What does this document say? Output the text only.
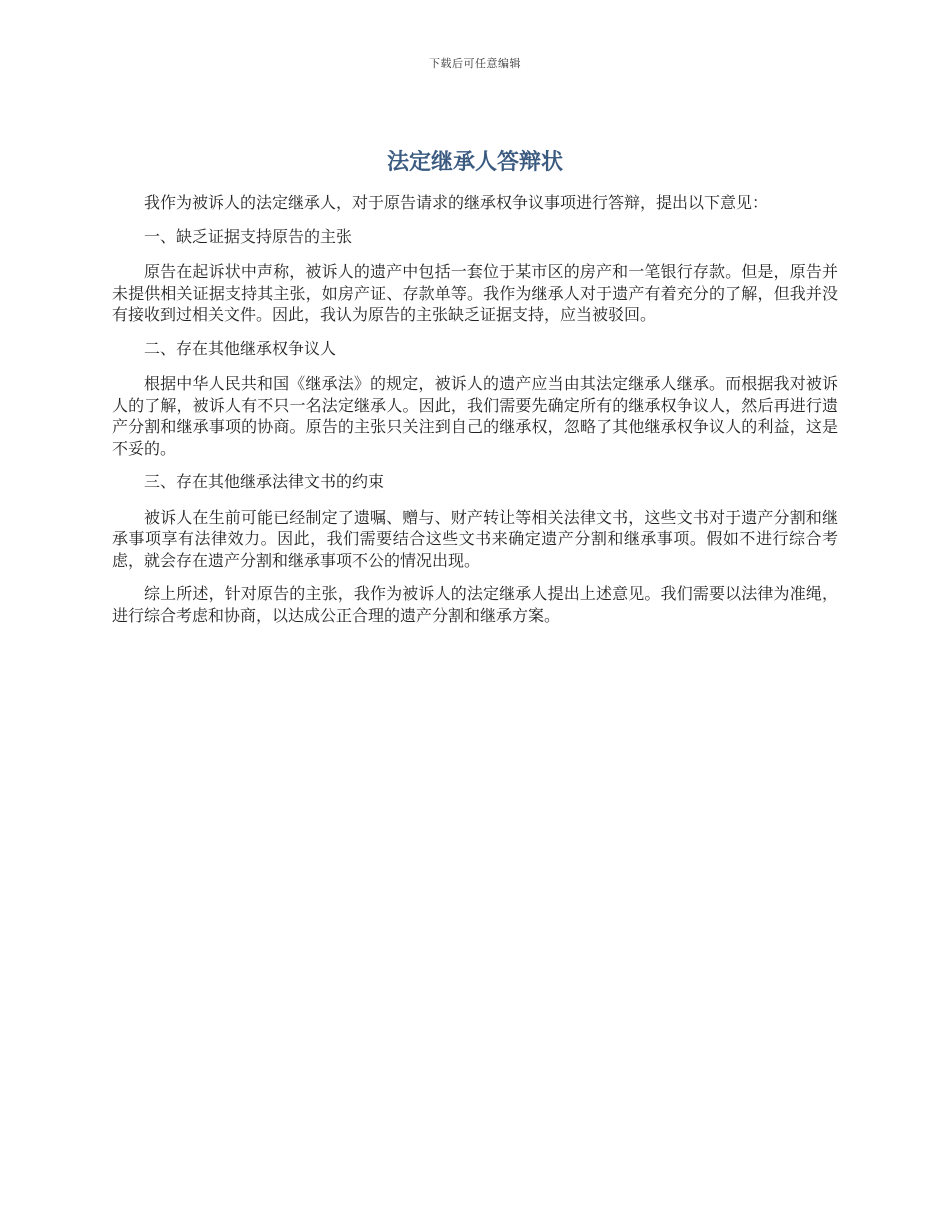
下载后可任意编辑
法定继承人答辩状

我作为被诉人的法定继承人，对于原告请求的继承权争议事项进行答辩，提出以下意见：

一、缺乏证据支持原告的主张

原告在起诉状中声称，被诉人的遗产中包括一套位于某市区的房产和一笔银行存款。但是，原告并未提供相关证据支持其主张，如房产证、存款单等。我作为继承人对于遗产有着充分的了解，但我并没有接收到过相关文件。因此，我认为原告的主张缺乏证据支持，应当被驳回。

二、存在其他继承权争议人

根据中华人民共和国《继承法》的规定，被诉人的遗产应当由其法定继承人继承。而根据我对被诉人的了解，被诉人有不只一名法定继承人。因此，我们需要先确定所有的继承权争议人，然后再进行遗产分割和继承事项的协商。原告的主张只关注到自己的继承权，忽略了其他继承权争议人的利益，这是不妥的。

三、存在其他继承法律文书的约束

被诉人在生前可能已经制定了遗嘱、赠与、财产转让等相关法律文书，这些文书对于遗产分割和继承事项享有法律效力。因此，我们需要结合这些文书来确定遗产分割和继承事项。假如不进行综合考虑，就会存在遗产分割和继承事项不公的情况出现。

综上所述，针对原告的主张，我作为被诉人的法定继承人提出上述意见。我们需要以法律为准绳，进行综合考虑和协商，以达成公正合理的遗产分割和继承方案。
